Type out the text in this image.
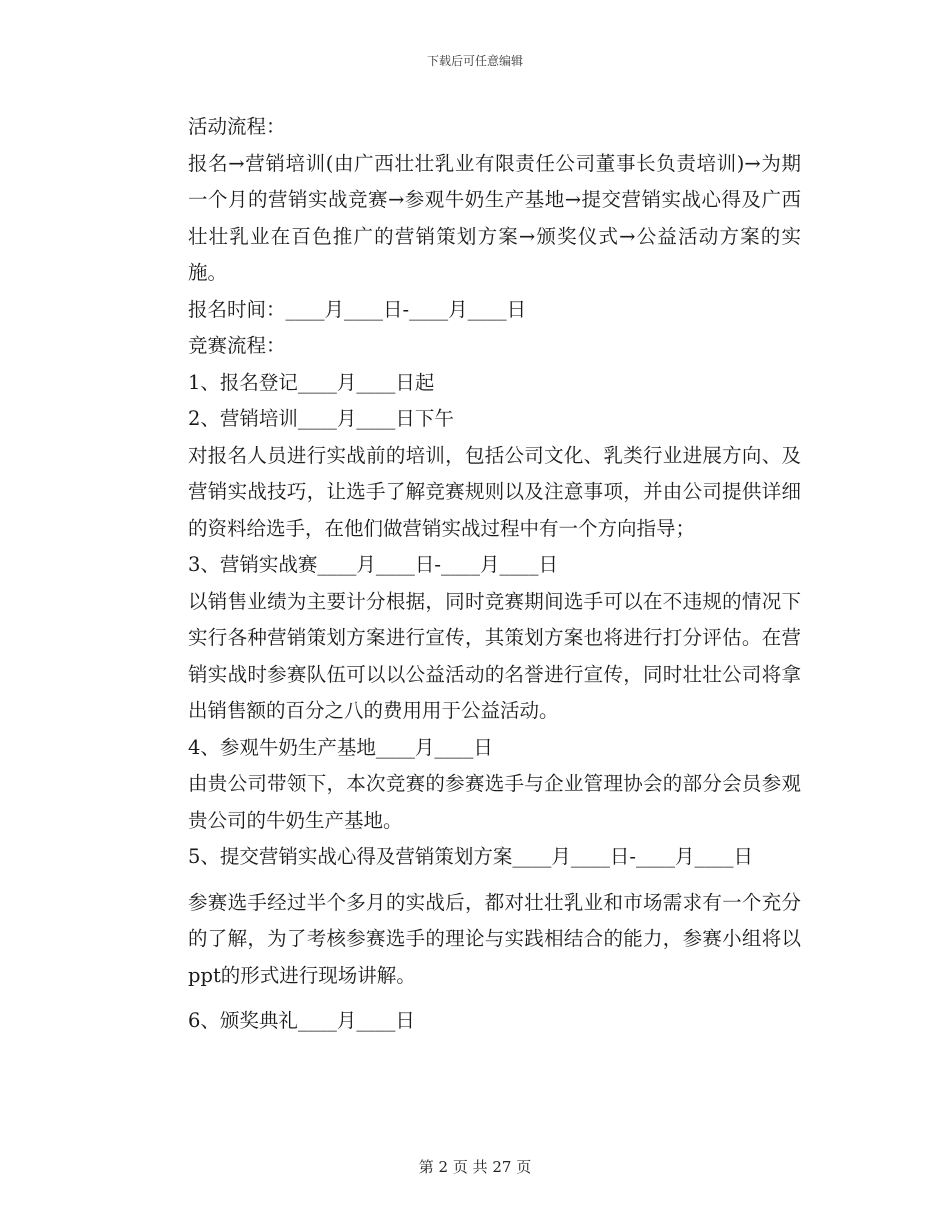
下载后可任意编辑

活动流程：

报名→营销培训(由广西壮壮乳业有限责任公司董事长负责培训)→为期一个月的营销实战竞赛→参观牛奶生产基地→提交营销实战心得及广西壮壮乳业在百色推广的营销策划方案→颁奖仪式→公益活动方案的实施。

报名时间：____月____日-____月____日

竞赛流程：

1、报名登记____月____日起

2、营销培训____月____日下午

对报名人员进行实战前的培训，包括公司文化、乳类行业进展方向、及营销实战技巧，让选手了解竞赛规则以及注意事项，并由公司提供详细的资料给选手，在他们做营销实战过程中有一个方向指导；

3、营销实战赛____月____日-____月____日

以销售业绩为主要计分根据，同时竞赛期间选手可以在不违规的情况下实行各种营销策划方案进行宣传，其策划方案也将进行打分评估。在营销实战时参赛队伍可以以公益活动的名誉进行宣传，同时壮壮公司将拿出销售额的百分之八的费用用于公益活动。

4、参观牛奶生产基地____月____日

由贵公司带领下，本次竞赛的参赛选手与企业管理协会的部分会员参观贵公司的牛奶生产基地。

5、提交营销实战心得及营销策划方案____月____日-____月____日

参赛选手经过半个多月的实战后，都对壮壮乳业和市场需求有一个充分的了解，为了考核参赛选手的理论与实践相结合的能力，参赛小组将以ppt的形式进行现场讲解。

6、颁奖典礼____月____日

第 2 页 共 27 页
